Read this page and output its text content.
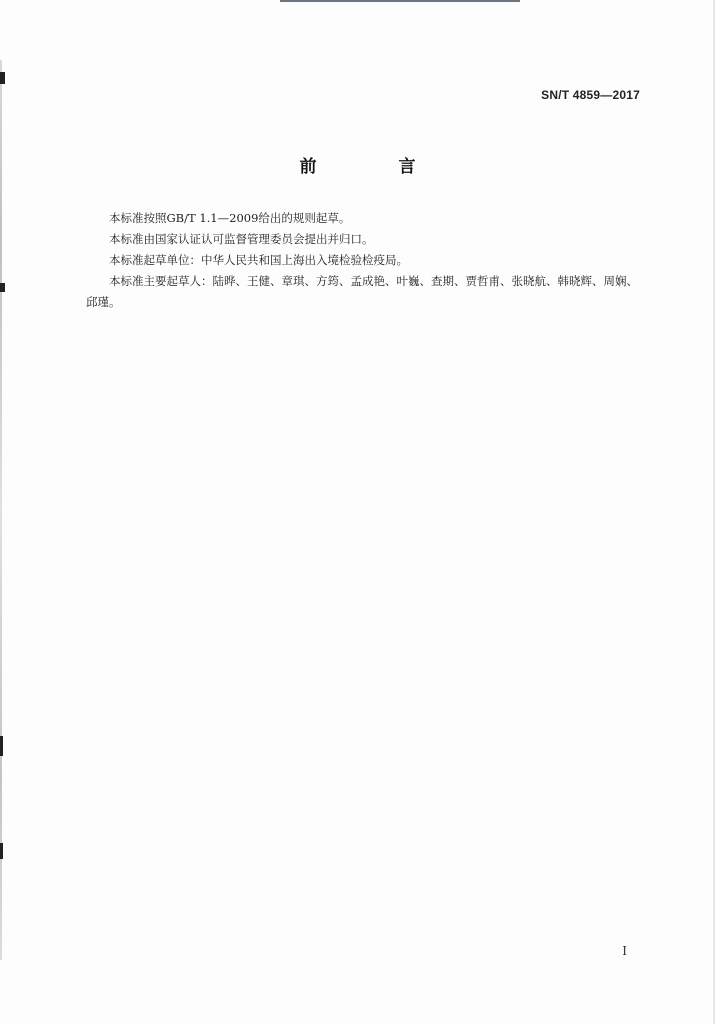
SN/T 4859—2017
前 言

本标准按照GB/T 1.1—2009给出的规则起草。

本标准由国家认证认可监督管理委员会提出并归口。

本标准起草单位：中华人民共和国上海出入境检验检疫局。

本标准主要起草人：陆晔、王健、章琪、方筠、孟成艳、叶巍、查期、贾哲甫、张晓航、韩晓辉、周娴、邱瑾。

I
